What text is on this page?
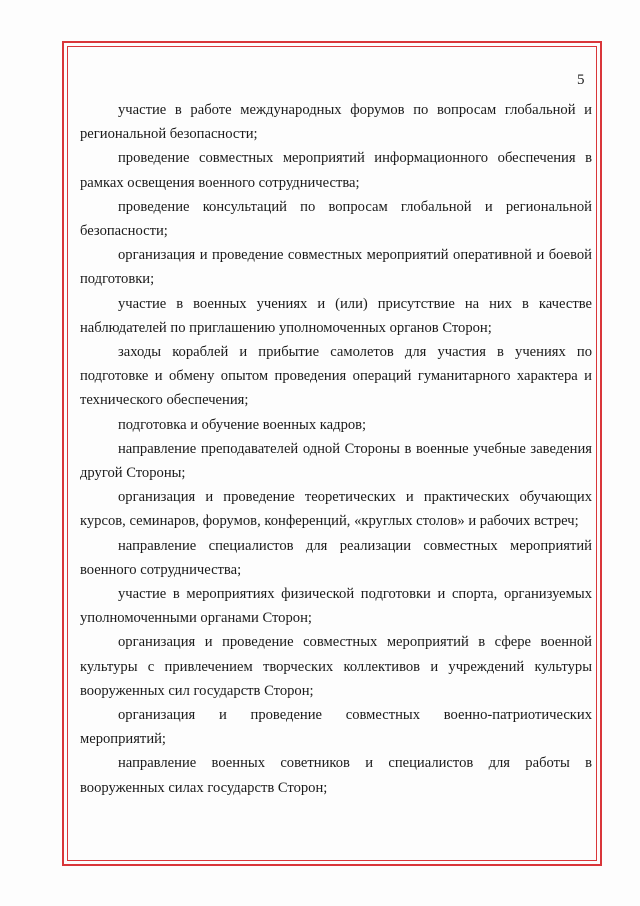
5

участие в работе международных форумов по вопросам глобальной и региональной безопасности;

проведение совместных мероприятий информационного обеспечения в рамках освещения военного сотрудничества;

проведение консультаций по вопросам глобальной и региональной безопасности;

организация и проведение совместных мероприятий оперативной и боевой подготовки;

участие в военных учениях и (или) присутствие на них в качестве наблюдателей по приглашению уполномоченных органов Сторон;

заходы кораблей и прибытие самолетов для участия в учениях по подготовке и обмену опытом проведения операций гуманитарного характера и технического обеспечения;

подготовка и обучение военных кадров;

направление преподавателей одной Стороны в военные учебные заведения другой Стороны;

организация и проведение теоретических и практических обучающих курсов, семинаров, форумов, конференций, «круглых столов» и рабочих встреч;

направление специалистов для реализации совместных мероприятий военного сотрудничества;

участие в мероприятиях физической подготовки и спорта, организуемых уполномоченными органами Сторон;

организация и проведение совместных мероприятий в сфере военной культуры с привлечением творческих коллективов и учреждений культуры вооруженных сил государств Сторон;

организация и проведение совместных военно-патриотических мероприятий;

направление военных советников и специалистов для работы в вооруженных силах государств Сторон;
